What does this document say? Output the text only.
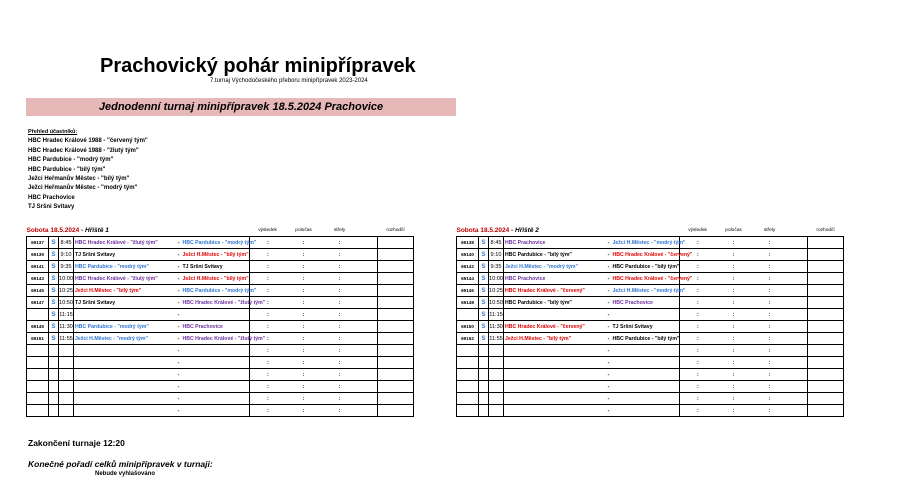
Prachovický pohár minipřípravek
7.turnaj Východočeského přeboru minipřípravek 2023-2024
Jednodenní turnaj minipřípravek 18.5.2024 Prachovice
Přehled účastníků:
HBC Hradec Králové 1988 - "červený tým"
HBC Hradec Králové 1988 - "žlutý tým"
HBC Pardubice - "modrý tým"
HBC Pardubice - "bílý tým"
Ježci Heřmanův Městec - "bílý tým"
Ježci Heřmanův Městec - "modrý tým"
HBC Prachovice
TJ Sršni Svitavy
Sobota 18.5.2024 - Hřiště 1						výsledek	poločas	střely		rozhodčí
69137	S	8:45	HBC Hradec Králové - "žlutý tým"	-	HBC Pardubice - "modrý tým"	:	:	:		
69139	S	9:10	TJ Sršni Svitavy	-	Ježci H.Městec - "bílý tým"	:	:	:		
69141	S	9:35	HBC Pardubice - "modrý tým"	-	TJ Sršni Svitavy	:	:	:		
69143	S	10:00	HBC Hradec Králové - "žlutý tým"	-	Ježci H.Městec - "bílý tým"	:	:	:		
69145	S	10:25	Ježci H.Městec - "bílý tým"	-	HBC Pardubice - "modrý tým"	:	:	:		
69147	S	10:50	TJ Sršni Svitavy	-	HBC Hradec Králové - "žlutý tým"	:	:	:		
	S	11:15		-		:	:	:		
69149	S	11:30	HBC Pardubice - "modrý tým"	-	HBC Prachovice	:	:	:		
69151	S	11:55	Ježci H.Městec - "modrý tým"	-	HBC Hradec Králové - "žlutý tým"	:	:	:		
				-		:	:	:		
				-		:	:	:		
				-		:	:	:		
				-		:	:	:		
				-		:	:	:		
				-		:	:	:		
Sobota 18.5.2024 - Hřiště 2						výsledek	poločas	střely		rozhodčí
69138	S	8:45	HBC Prachovice	-	Ježci H.Městec - "modrý tým"	:	:	:		
69140	S	9:10	HBC Pardubice - "bílý tým"	-	HBC Hradec Králové - "červený"	:	:	:		
69142	S	9:35	Ježci H.Městec - "modrý tým"	-	HBC Pardubice - "bílý tým"	:	:	:		
69144	S	10:00	HBC Prachovice	-	HBC Hradec Králové - "červený"	:	:	:		
69146	S	10:25	HBC Hradec Králové - "červený"	-	Ježci H.Městec - "modrý tým"	:	:	:		
69148	S	10:50	HBC Pardubice - "bílý tým"	-	HBC Prachovice	:	:	:		
	S	11:15		-		:	:	:		
69150	S	11:30	HBC Hradec Králové - "červený"	-	TJ Sršni Svitavy	:	:	:		
69152	S	11:55	Ježci H.Městec - "bílý tým"	-	HBC Pardubice - "bílý tým"	:	:	:		
				-		:	:	:		
				-		:	:	:		
				-		:	:	:		
				-		:	:	:		
				-		:	:	:		
				-		:	:	:		
Zakončení turnaje 12:20
Konečné pořadí celků minipřípravek v turnaji:
Nebude vyhlašováno
